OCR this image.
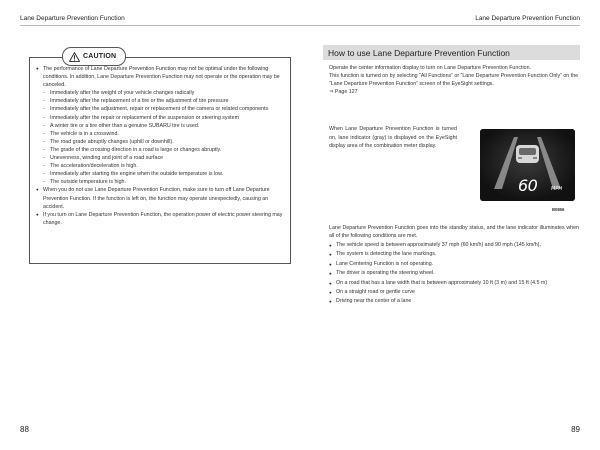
Lane Departure Prevention Function	Lane Departure Prevention Function
CAUTION
● The performance of Lane Departure Prevention Function may not be optimal under the following conditions. In addition, Lane Departure Prevention Function may not operate or the operation may be canceled.
- Immediately after the weight of your vehicle changes radically
- Immediately after the replacement of a tire or the adjustment of tire pressure
- Immediately after the adjustment, repair or replacement of the camera or related components
- Immediately after the repair or replacement of the suspension or steering system
- A winter tire or a tire other than a genuine SUBARU tire is used.
- The vehicle is in a crosswind.
- The road grade abruptly changes (uphill or downhill).
- The grade of the crossing direction in a road is large or changes abruptly.
- Unevenness, winding and joint of a road surface
- The acceleration/deceleration is high.
- Immediately after starting the engine when the outside temperature is low.
- The outside temperature is high.
● When you do not use Lane Departure Prevention Function, make sure to turn off Lane Departure Prevention Function. If the function is left on, the function may operate unexpectedly, causing an accident.
● If you turn on Lane Departure Prevention Function, the operation power of electric power steering may change.
How to use Lane Departure Prevention Function
Operate the center information display to turn on Lane Departure Prevention Function.
This function is turned on by selecting “All Functions” or “Lane Departure Prevention Function Only” on the “Lane Departure Prevention Function” screen of the EyeSight settings.
⇒ Page 127
When Lane Departure Prevention Function is turned on, lane indicator (gray) is displayed on the EyeSight display area of the combination meter display.
60	MPH
B0866
Lane Departure Prevention Function goes into the standby status, and the lane indicator illuminates when all of the following conditions are met.
● The vehicle speed is between approximately 37 mph (60 km/h) and 90 mph (145 km/h).
● The system is detecting the lane markings.
● Lane Centering Function is not operating.
● The driver is operating the steering wheel.
● On a road that has a lane width that is between approximately 10 ft (3 m) and 15 ft (4.5 m)
● On a straight road or gentle curve
● Driving near the center of a lane
88	89
